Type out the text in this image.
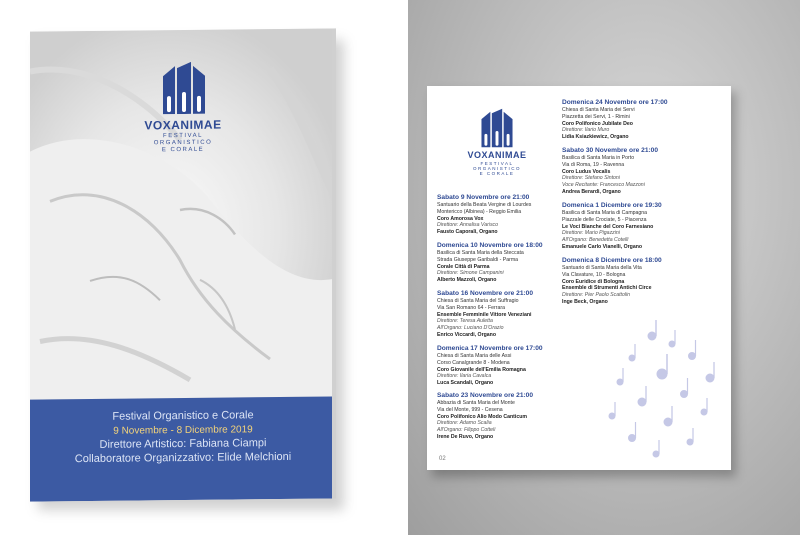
VOXANIMAE
FESTIVAL
ORGANISTICO
E CORALE
Festival Organistico e Corale
9 Novembre - 8 Dicembre 2019
Direttore Artistico: Fabiana Ciampi
Collaboratore Organizzativo: Elide Melchioni
VOXANIMAE
FESTIVAL
ORGANISTICO
E CORALE
Sabato 9 Novembre ore 21:00
Santuario della Beata Vergine di Lourdes
Montericco (Albinea) - Reggio Emilia
Coro Amorosa Vox
Direttore: Annalisa Varisco
Fausto Caporali, Organo
Domenica 10 Novembre ore 18:00
Basilica di Santa Maria della Steccata
Strada Giuseppe Garibaldi - Parma
Corale Città di Parma
Direttore: Simone Campanini
Alberto Mazzoli, Organo
Sabato 16 Novembre ore 21:00
Chiesa di Santa Maria del Suffragio
Via San Romano 64 - Ferrara
Ensemble Femminile Vittore Veneziani
Direttore: Teresa Auletta
All'Organo: Luciano D'Orazio
Enrico Viccardi, Organo
Domenica 17 Novembre ore 17:00
Chiesa di Santa Maria delle Assi
Corso Canalgrande 8 - Modena
Coro Giovanile dell'Emilia Romagna
Direttore: Ilaria Cavalca
Luca Scandali, Organo
Sabato 23 Novembre ore 21:00
Abbazia di Santa Maria del Monte
Via del Monte, 999 - Cesena
Coro Polifonico Alio Modo Canticum
Direttore: Adamo Scalia
All'Organo: Filippo Cotteli
Irene De Ruvo, Organo
Domenica 24 Novembre ore 17:00
Chiesa di Santa Maria dei Servi
Piazzetta dei Servi, 1 - Rimini
Coro Polifonico Jubilate Deo
Direttore: Ilario Muro
Lidia Ksiazkiewicz, Organo
Sabato 30 Novembre ore 21:00
Basilica di Santa Maria in Porto
Via di Roma, 19 - Ravenna
Coro Ludus Vocalis
Direttore: Stefano Sintoni
Voce Recitante: Francesco Mazzoni
Andrea Berardi, Organo
Domenica 1 Dicembre ore 19:30
Basilica di Santa Maria di Campagna
Piazzale delle Crociate, 5 - Piacenza
Le Voci Bianche del Coro Farnesiano
Direttore: Mario Pigazzini
All'Organo: Benedetta Cotelli
Emanuele Carlo Vianelli, Organo
Domenica 8 Dicembre ore 18:00
Santuario di Santa Maria della Vita
Via Clavature, 10 - Bologna
Coro Euridice di Bologna
Ensemble di Strumenti Antichi Circe
Direttore: Pier Paolo Scattolin
Inge Beck, Organo
02
